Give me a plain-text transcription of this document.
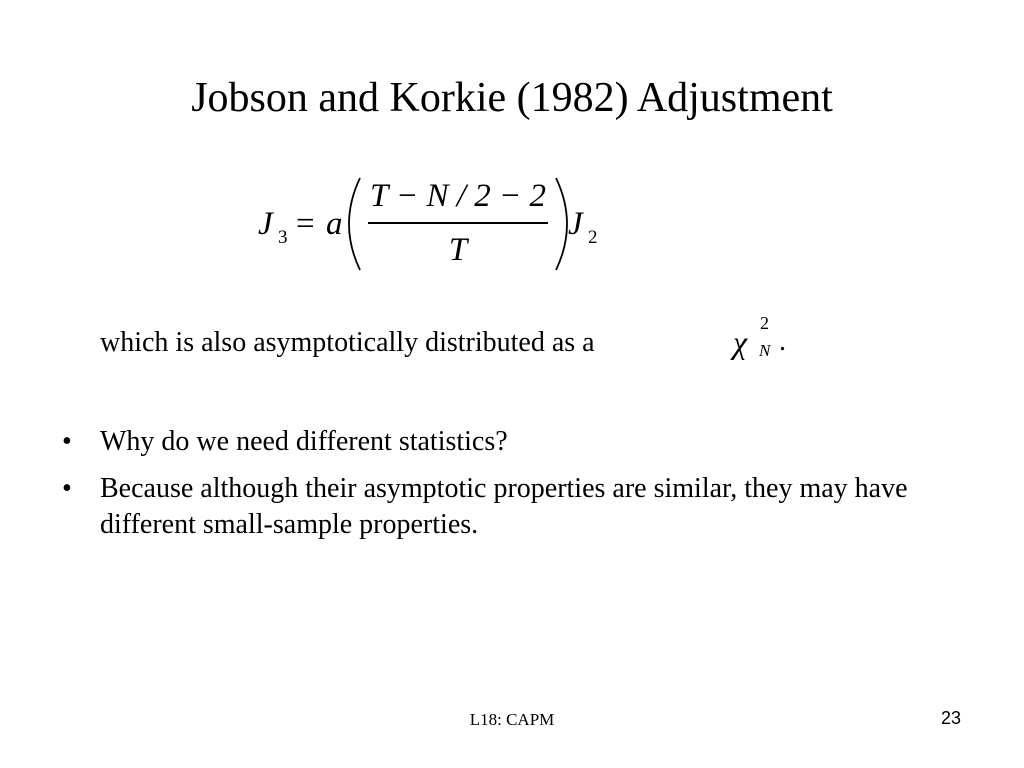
Jobson and Korkie (1982) Adjustment
J 3 = a
T − N / 2 − 2
T
J 2
which is also asymptotically distributed as a	χ
2
N .
• Why do we need different statistics?
• Because although their asymptotic properties are similar, they may have different small-sample properties.
L18: CAPM	23
